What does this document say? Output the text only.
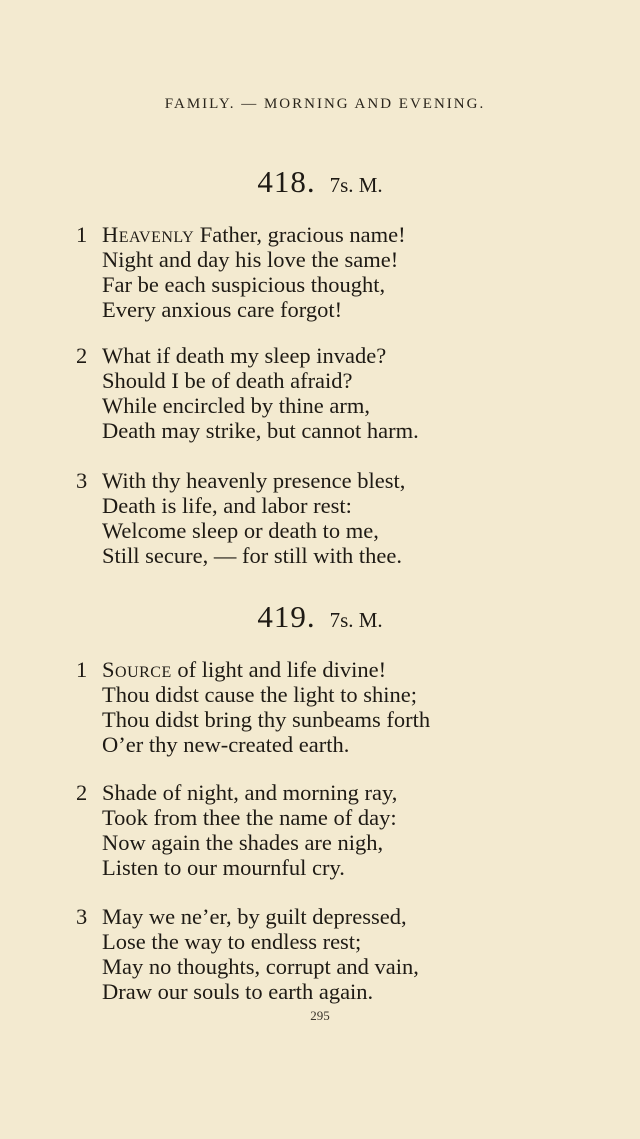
FAMILY. — MORNING AND EVENING.
418. 7s. M.
1 Heavenly Father, gracious name!
Night and day his love the same!
Far be each suspicious thought,
Every anxious care forgot!
2 What if death my sleep invade?
Should I be of death afraid?
While encircled by thine arm,
Death may strike, but cannot harm.
3 With thy heavenly presence blest,
Death is life, and labor rest:
Welcome sleep or death to me,
Still secure, — for still with thee.
419. 7s. M.
1 Source of light and life divine!
Thou didst cause the light to shine;
Thou didst bring thy sunbeams forth
O’er thy new-created earth.
2 Shade of night, and morning ray,
Took from thee the name of day:
Now again the shades are nigh,
Listen to our mournful cry.
3 May we ne’er, by guilt depressed,
Lose the way to endless rest;
May no thoughts, corrupt and vain,
Draw our souls to earth again.
295
